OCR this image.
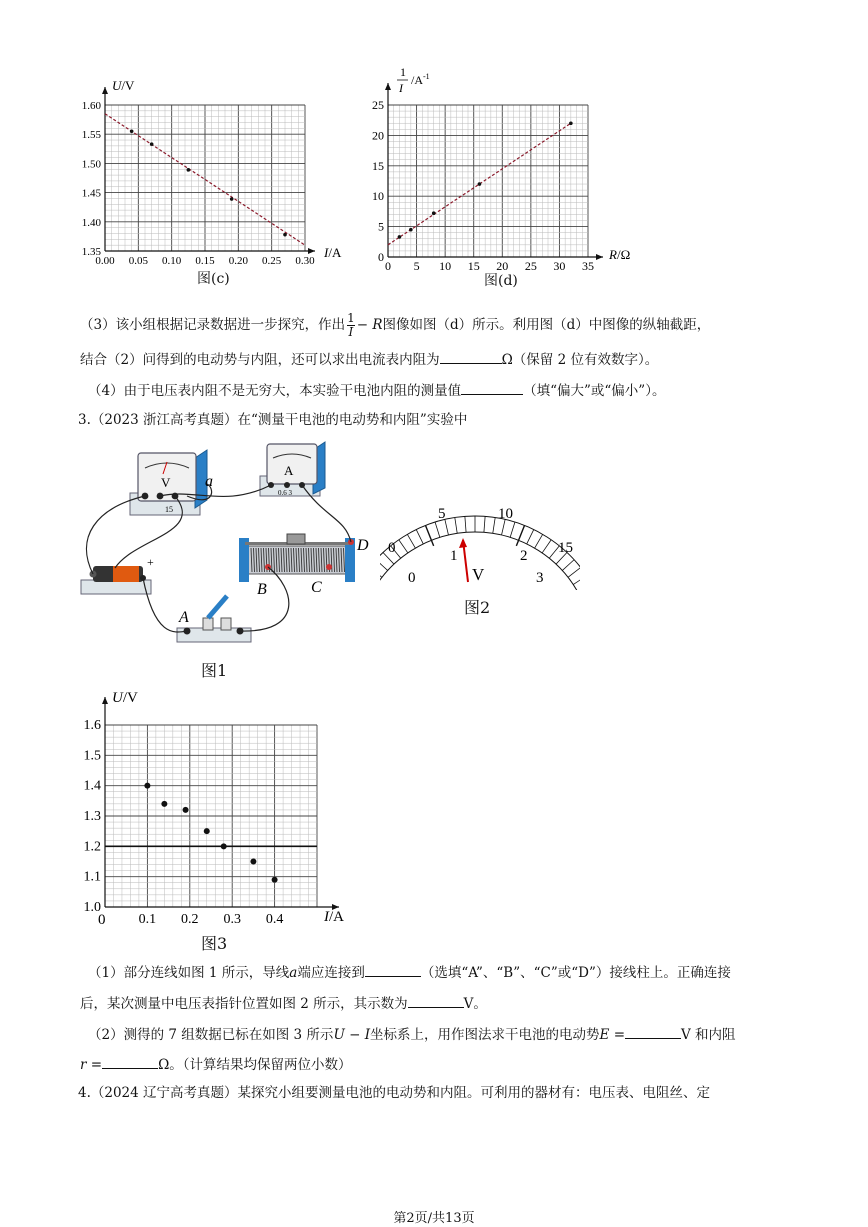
0.00 0.05 0.10 0.15 0.20 0.25 0.30
1.35
1.40
1.45
1.50
1.55
1.60
U/V
I/A
图(c)
0 5 10 15 20 25 30 35
0
5
10
15
20
25
1
I
$/A^{-1}$
R/Ω
图(d)
（3）该小组根据记录数据进一步探究，作出 $\frac{1}{I} - R$图像如图（d）所示。利用图（d）中图像的纵轴截距，
结合（2）问得到的电动势与内阻，还可以求出电流表内阻为	Ω（保留 2 位有效数字）。
（4）由于电压表内阻不是无穷大，本实验干电池内阻的测量值	（填“偏大”或“偏小”）。
3.（2023 浙江高考真题）在“测量干电池的电动势和内阻”实验中
V
15
a
A
0.6 3
+
D
B	C
A
图1
0
5	10
15
0
1	2
3
V
图2
0.1 0.2 0.3 0.4
1.0
1.1
1.2
1.3
1.4
1.5
1.6
U/V
I/A
0
图3
（1）部分连线如图 1 所示，导线a端应连接到	（选填“A”、“B”、“C”或“D”）接线柱上。正确连接
后，某次测量中电压表指针位置如图 2 所示，其示数为	V。
（2）测得的 7 组数据已标在如图 3 所示U − I坐标系上，用作图法求干电池的电动势E =	V 和内阻
r =	Ω。（计算结果均保留两位小数）
4.（2024 辽宁高考真题）某探究小组要测量电池的电动势和内阻。可利用的器材有：电压表、电阻丝、定
第2页/共13页
